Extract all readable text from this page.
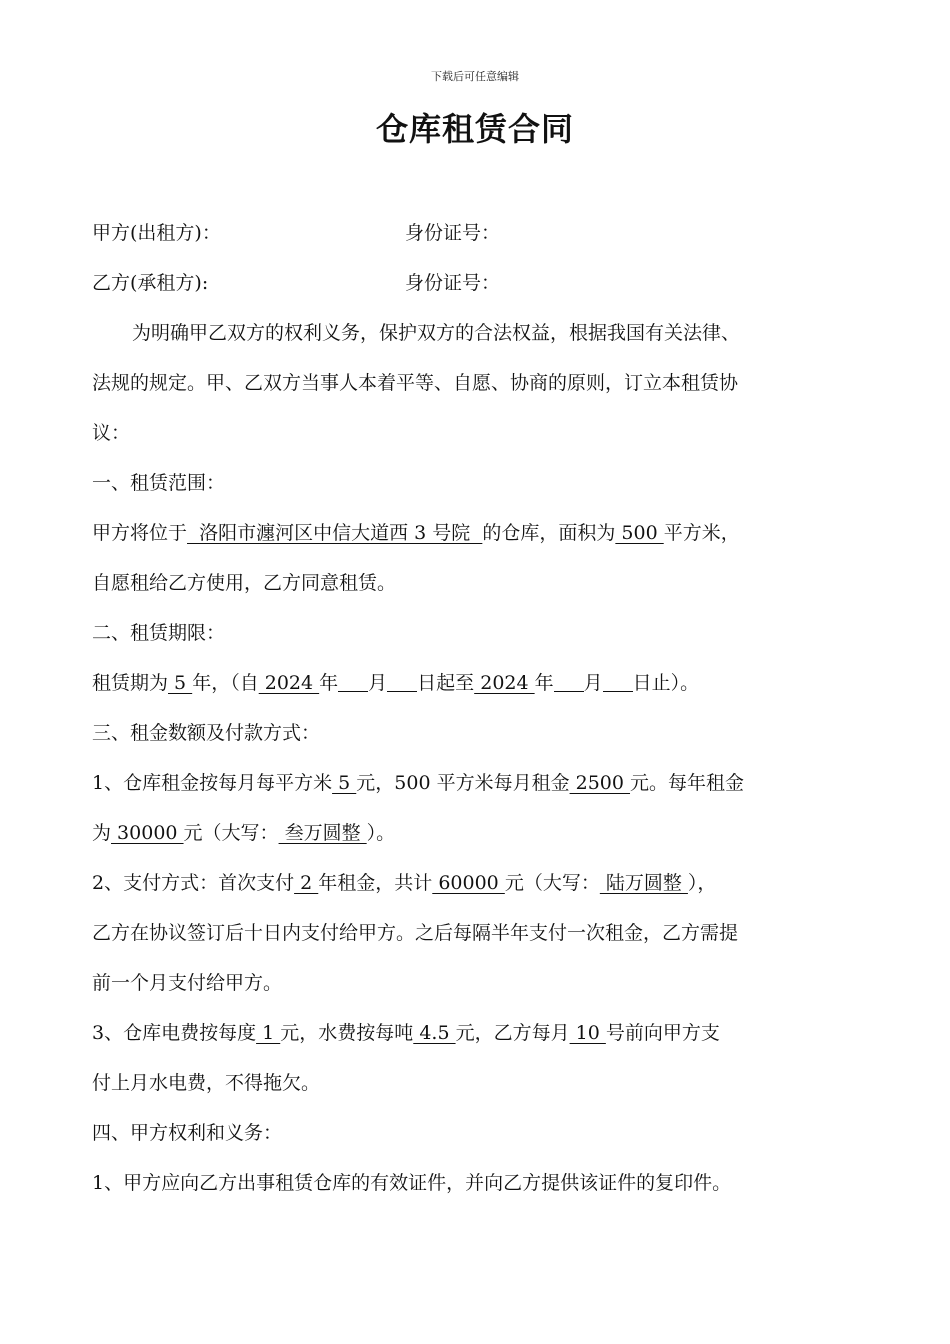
下载后可任意编辑
仓库租赁合同
甲方(出租方)：	身份证号：
乙方(承租方):	身份证号：
为明确甲乙双方的权利义务，保护双方的合法权益，根据我国有关法律、
法规的规定。甲、乙双方当事人本着平等、自愿、协商的原则，订立本租赁协
议：
一、租赁范围：
甲方将位于  洛阳市瀍河区中信大道西 3 号院  的仓库，面积为 500 平方米，
自愿租给乙方使用，乙方同意租赁。
二、租赁期限：
租赁期为 5 年，（自 2024 年 月 日起至 2024 年 月 日止）。
三、租金数额及付款方式：
1、仓库租金按每月每平方米 5 元，500 平方米每月租金 2500 元。每年租金
为 30000 元（大写： 叁万圆整 ）。
2、支付方式：首次支付 2 年租金，共计 60000 元（大写： 陆万圆整 ），
乙方在协议签订后十日内支付给甲方。之后每隔半年支付一次租金，乙方需提
前一个月支付给甲方。
3、仓库电费按每度 1 元，水费按每吨 4.5 元，乙方每月 10 号前向甲方支
付上月水电费，不得拖欠。
四、甲方权利和义务：
1、甲方应向乙方出事租赁仓库的有效证件，并向乙方提供该证件的复印件。
